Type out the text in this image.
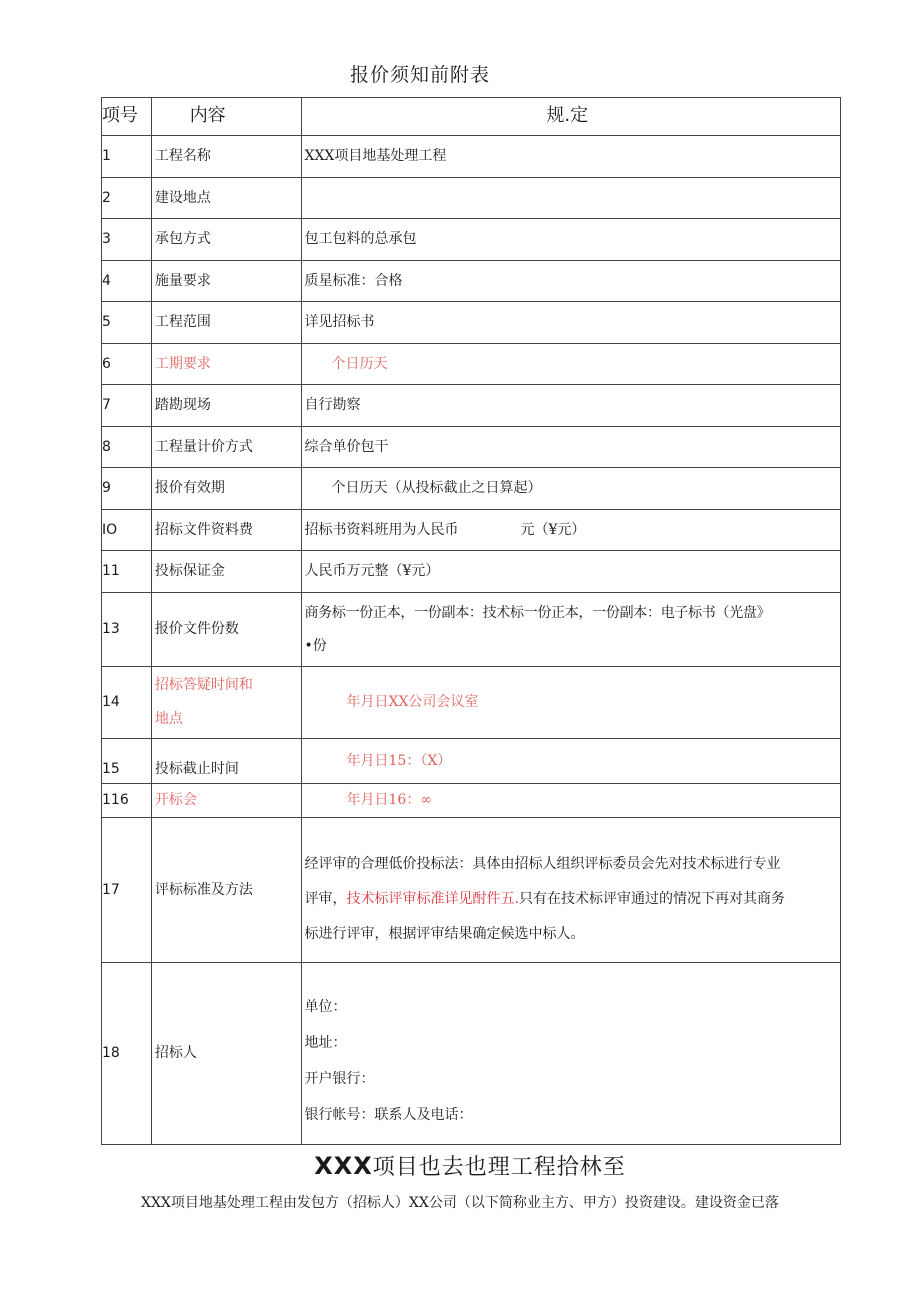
报价须知前附表
项号	内容	规.定
1	工程名称	XXX项目地基处理工程
2	建设地点	
3	承包方式	包工包料的总承包
4	施量要求	质星标准：合格
5	工程范围	详见招标书
6	工期要求	个日历天
7	踏勘现场	自行勘察
8	工程量计价方式	综合单价包干
9	报价有效期	个日历天（从投标截止之日算起）
IO	招标文件资料费	招标书资料班用为人民币 元（¥元）
11	投标保证金	人民币万元整（¥元）
13	报价文件份数	商务标一份正本，一份副本：技术标一份正本，一份副本：电子标书（光盘》
•份
14	招标答疑时间和
地点	年月日XX公司会议室
15	投标截止时间	年月日15：（X）
116	开标会	年月日16：∞
17	评标标准及方法	经评审的合理低价投标法：具体由招标人组织评标委员会先对技术标进行专业
评审，技术标评审标准详见酎件五.只有在技术标评审通过的情况下再对其商务
标进行评审，根据评审结果确定候选中标人。
18	招标人	单位：
地址：
开户银行：
银行帐号：联系人及电话：
XXX项目也去也理工程拾林至
XXX项目地基处理工程由发包方（招标人）XX公司（以下简称业主方、甲方）投资建设。建设资金已落
